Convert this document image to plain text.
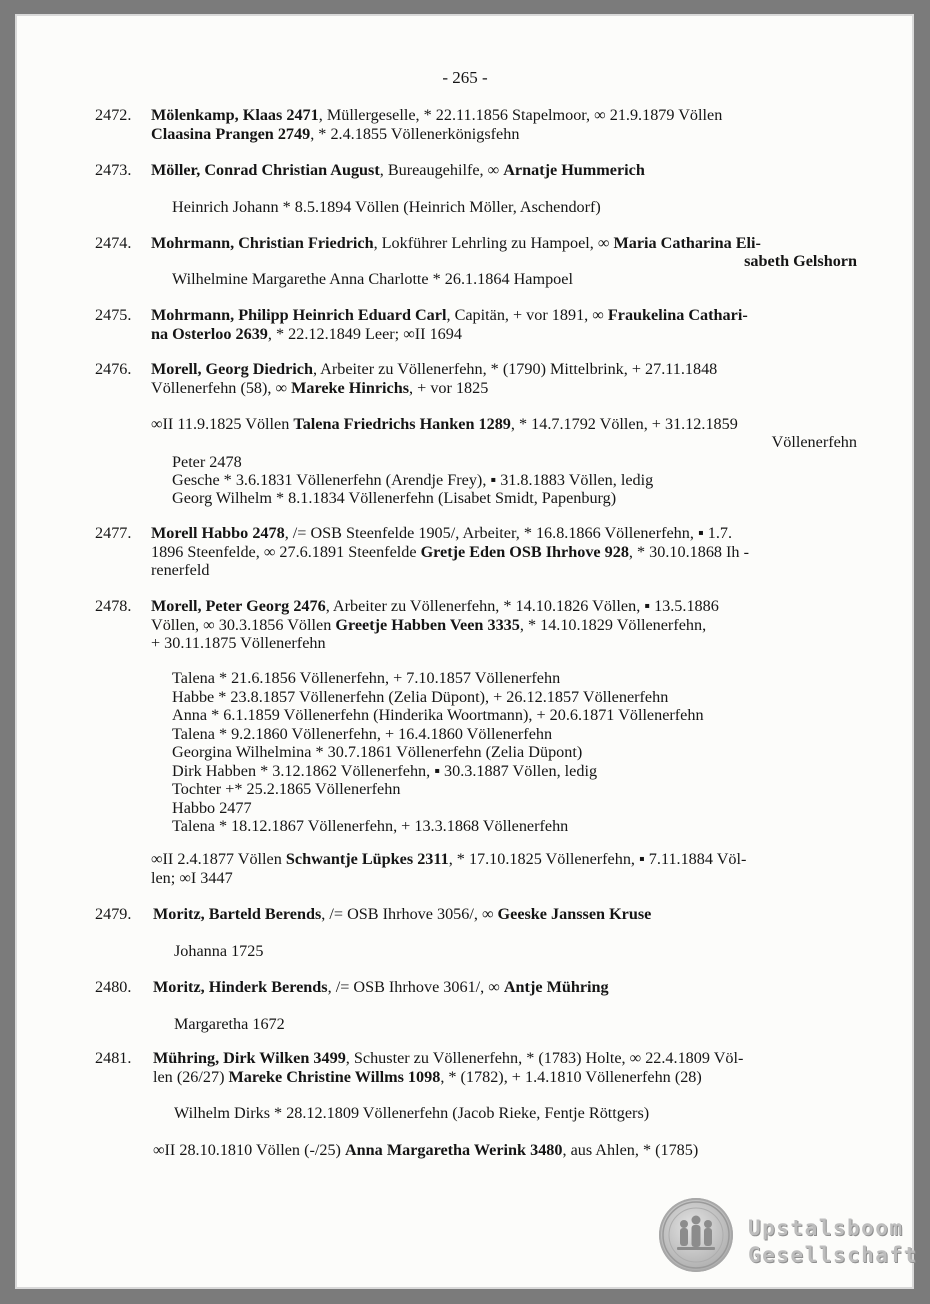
- 265 -
2472. Mölenkamp, Klaas 2471, Müllergeselle, * 22.11.1856 Stapelmoor, ∞ 21.9.1879 Völlen
Claasina Prangen 2749, * 2.4.1855 Völlenerkönigsfehn
2473. Möller, Conrad Christian August, Bureaugehilfe, ∞ Arnatje Hummerich
Heinrich Johann * 8.5.1894 Völlen (Heinrich Möller, Aschendorf)
2474. Mohrmann, Christian Friedrich, Lokführer Lehrling zu Hampoel, ∞ Maria Catharina Eli-
sabeth Gelshorn
Wilhelmine Margarethe Anna Charlotte * 26.1.1864 Hampoel
2475. Mohrmann, Philipp Heinrich Eduard Carl, Capitän, + vor 1891, ∞ Fraukelina Cathari-
na Osterloo 2639, * 22.12.1849 Leer; ∞II 1694
2476. Morell, Georg Diedrich, Arbeiter zu Völlenerfehn, * (1790) Mittelbrink, + 27.11.1848
Völlenerfehn (58), ∞ Mareke Hinrichs, + vor 1825
∞II 11.9.1825 Völlen Talena Friedrichs Hanken 1289, * 14.7.1792 Völlen, + 31.12.1859
Völlenerfehn
Peter 2478
Gesche * 3.6.1831 Völlenerfehn (Arendje Frey), ▪ 31.8.1883 Völlen, ledig
Georg Wilhelm * 8.1.1834 Völlenerfehn (Lisabet Smidt, Papenburg)
2477. Morell Habbo 2478, /= OSB Steenfelde 1905/, Arbeiter, * 16.8.1866 Völlenerfehn, ▪ 1.7.
1896 Steenfelde, ∞ 27.6.1891 Steenfelde Gretje Eden OSB Ihrhove 928, * 30.10.1868 Ih -
renerfeld
2478. Morell, Peter Georg 2476, Arbeiter zu Völlenerfehn, * 14.10.1826 Völlen, ▪ 13.5.1886
Völlen, ∞ 30.3.1856 Völlen Greetje Habben Veen 3335, * 14.10.1829 Völlenerfehn,
+ 30.11.1875 Völlenerfehn
Talena * 21.6.1856 Völlenerfehn, + 7.10.1857 Völlenerfehn
Habbe * 23.8.1857 Völlenerfehn (Zelia Düpont), + 26.12.1857 Völlenerfehn
Anna * 6.1.1859 Völlenerfehn (Hinderika Woortmann), + 20.6.1871 Völlenerfehn
Talena * 9.2.1860 Völlenerfehn, + 16.4.1860 Völlenerfehn
Georgina Wilhelmina * 30.7.1861 Völlenerfehn (Zelia Düpont)
Dirk Habben * 3.12.1862 Völlenerfehn, ▪ 30.3.1887 Völlen, ledig
Tochter +* 25.2.1865 Völlenerfehn
Habbo 2477
Talena * 18.12.1867 Völlenerfehn, + 13.3.1868 Völlenerfehn
∞II 2.4.1877 Völlen Schwantje Lüpkes 2311, * 17.10.1825 Völlenerfehn, ▪ 7.11.1884 Völ-
len; ∞I 3447
2479. Moritz, Barteld Berends, /= OSB Ihrhove 3056/, ∞ Geeske Janssen Kruse
Johanna 1725
2480. Moritz, Hinderk Berends, /= OSB Ihrhove 3061/, ∞ Antje Mühring
Margaretha 1672
2481. Mühring, Dirk Wilken 3499, Schuster zu Völlenerfehn, * (1783) Holte, ∞ 22.4.1809 Völ-
len (26/27) Mareke Christine Willms 1098, * (1782), + 1.4.1810 Völlenerfehn (28)
Wilhelm Dirks * 28.12.1809 Völlenerfehn (Jacob Rieke, Fentje Röttgers)
∞II 28.10.1810 Völlen (-/25) Anna Margaretha Werink 3480, aus Ahlen, * (1785)
Upstalsboom
Gesellschaft
